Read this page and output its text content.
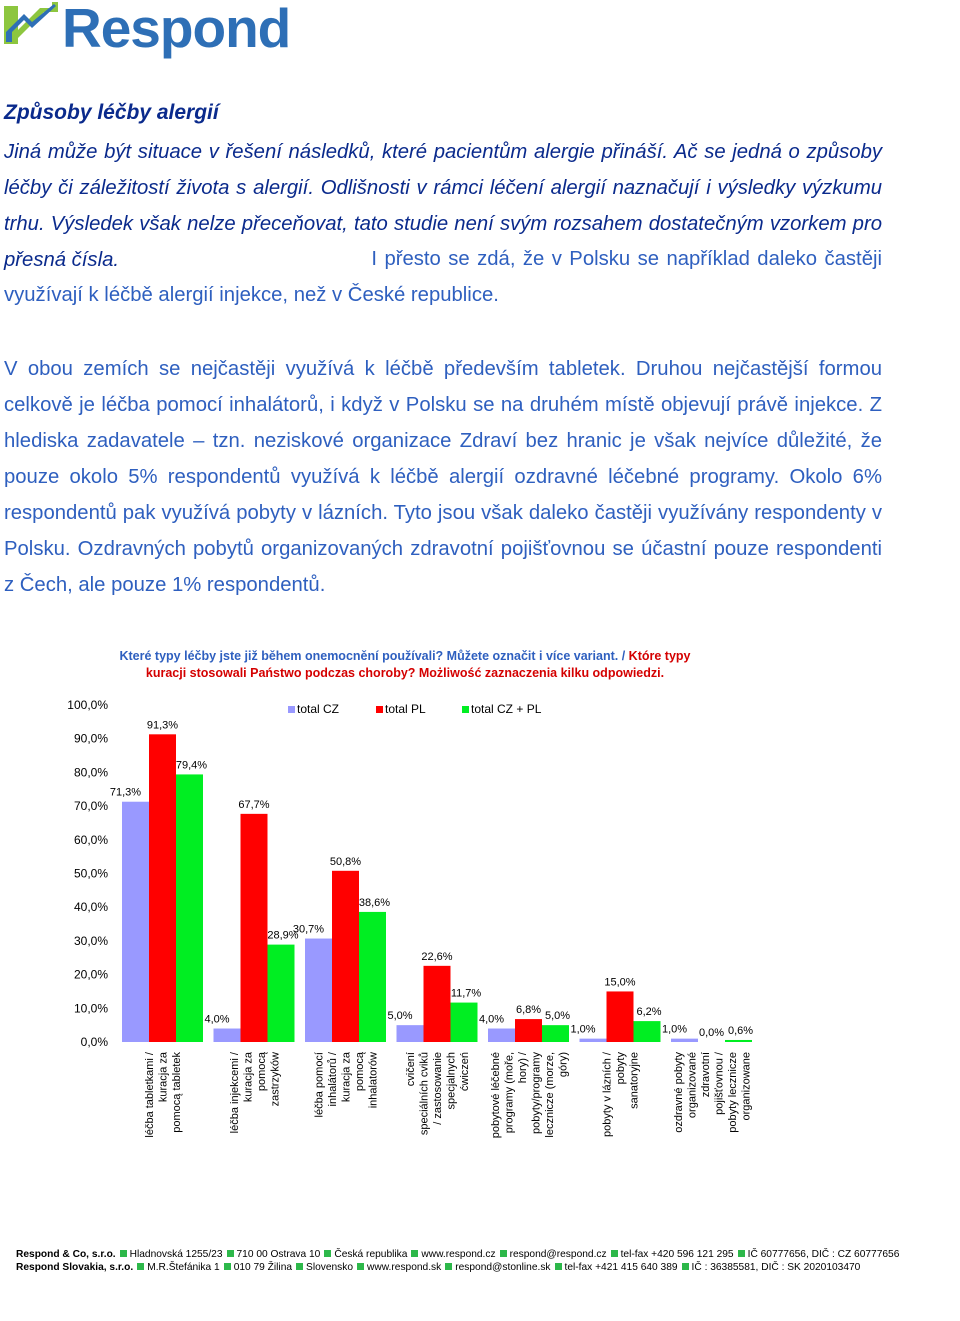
Respond
Způsoby léčby alergií

Jiná může být situace v řešení následků, které pacientům alergie přináší. Ač se jedná o způsoby léčby či záležitostí života s alergií. Odlišnosti v rámci léčení alergií naznačují i výsledky výzkumu trhu. Výsledek však nelze přeceňovat, tato studie není svým rozsahem dostatečným vzorkem pro přesná čísla.	I přesto se zdá, že v Polsku se například daleko častěji využívají k léčbě alergií injekce, než v České republice.

V obou zemích se nejčastěji využívá k léčbě především tabletek. Druhou nejčastější formou celkově je léčba pomocí inhalátorů, i když v Polsku se na druhém místě objevují právě injekce. Z hlediska zadavatele – tzn. neziskové organizace Zdraví bez hranic je však nejvíce důležité, že pouze okolo 5% respondentů využívá k léčbě alergií ozdravné léčebné programy. Okolo 6% respondentů pak využívá pobyty v lázních. Tyto jsou však daleko častěji využívány respondenty v Polsku. Ozdravných pobytů organizovaných zdravotní pojišťovnou se účastní pouze respondenti z Čech, ale pouze 1% respondentů.

Které typy léčby jste již během onemocnění používali? Můžete označit i více variant. / Które typy
kuracji stosowali Państwo podczas choroby? Możliwość zaznaczenia kilku odpowiedzi.
0,0%
10,0%
20,0%
30,0%
40,0%
50,0%
60,0%
70,0%
80,0%
90,0%
100,0%	total CZ	total PL	total CZ + PL
71,3%
91,3%
79,4%
léčba tabletkami / kuracja za pomocą tabletek
4,0%
67,7%
28,9%
léčba injekcemi / kuracja za pomocą zastrzyków
30,7%
50,8%
38,6%
léčba pomocí inhalátorů / kuracja za pomocą inhalatorów
5,0%
22,6%
11,7%
cvičení speciálních cviků / zastosowanie specjalnych ćwiczeń
4,0%
6,8%
5,0%
pobytové léčebné programy (moře, hory) / pobyty/programy lecznicze (morze, góry)
1,0%
15,0%
6,2%
pobyty v lázních / pobyty sanatoryjne
1,0% 0,0% 0,6%
ozdravné pobyty organizované zdravotní pojišťovnou / pobyty lecznicze organizowane
Respond & Co, s.r.o. Hladnovská 1255/23 710 00 Ostrava 10 Česká republika www.respond.cz respond@respond.cz tel-fax +420 596 121 295 IČ 60777656, DIČ : CZ 60777656
Respond Slovakia, s.r.o. M.R.Štefánika 1 010 79 Žilina Slovensko www.respond.sk respond@stonline.sk tel-fax +421 415 640 389 IČ : 36385581, DIČ : SK 2020103470
